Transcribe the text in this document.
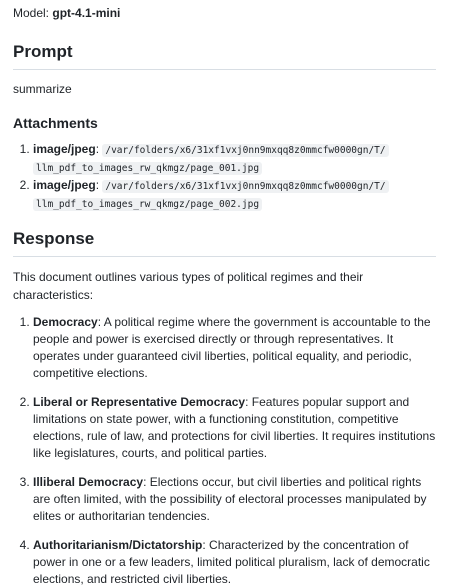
Model: gpt-4.1-mini
Prompt

summarize

Attachments
1. image/jpeg: /var/folders/x6/31xf1vxj0nn9mxqq8z0mmcfw0000gn/T/ llm_pdf_to_images_rw_qkmgz/page_001.jpg
2. image/jpeg: /var/folders/x6/31xf1vxj0nn9mxqq8z0mmcfw0000gn/T/ llm_pdf_to_images_rw_qkmgz/page_002.jpg
Response

This document outlines various types of political regimes and their characteristics:

1. Democracy: A political regime where the government is accountable to the people and power is exercised directly or through representatives. It operates under guaranteed civil liberties, political equality, and periodic, competitive elections.
2. Liberal or Representative Democracy: Features popular support and limitations on state power, with a functioning constitution, competitive elections, rule of law, and protections for civil liberties. It requires institutions like legislatures, courts, and political parties.
3. Illiberal Democracy: Elections occur, but civil liberties and political rights are often limited, with the possibility of electoral processes manipulated by elites or authoritarian tendencies.
4. Authoritarianism/Dictatorship: Characterized by the concentration of power in one or a few leaders, limited political pluralism, lack of democratic elections, and restricted civil liberties.
